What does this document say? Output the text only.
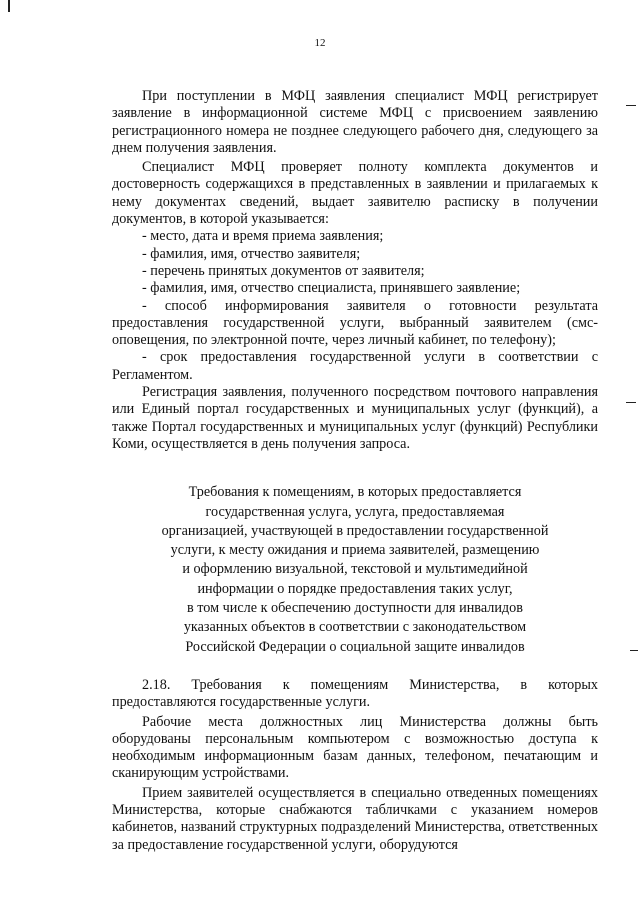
12

При поступлении в МФЦ заявления специалист МФЦ регистрирует заявление в информационной системе МФЦ с присвоением заявлению регистрационного номера не позднее следующего рабочего дня, следующего за днем получения заявления.

Специалист МФЦ проверяет полноту комплекта документов и достоверность содержащихся в представленных в заявлении и прилагаемых к нему документах сведений, выдает заявителю расписку в получении документов, в которой указывается:

- место, дата и время приема заявления;

- фамилия, имя, отчество заявителя;

- перечень принятых документов от заявителя;

- фамилия, имя, отчество специалиста, принявшего заявление;

- способ информирования заявителя о готовности результата предоставления государственной услуги, выбранный заявителем (смс-оповещения, по электронной почте, через личный кабинет, по телефону);

- срок предоставления государственной услуги в соответствии с Регламентом.

Регистрация заявления, полученного посредством почтового направления или Единый портал государственных и муниципальных услуг (функций), а также Портал государственных и муниципальных услуг (функций) Республики Коми, осуществляется в день получения запроса.

Требования к помещениям, в которых предоставляется
государственная услуга, услуга, предоставляемая
организацией, участвующей в предоставлении государственной
услуги, к месту ожидания и приема заявителей, размещению
и оформлению визуальной, текстовой и мультимедийной
информации о порядке предоставления таких услуг,
в том числе к обеспечению доступности для инвалидов
указанных объектов в соответствии с законодательством
Российской Федерации о социальной защите инвалидов

2.18. Требования к помещениям Министерства, в которых предоставляются государственные услуги.

Рабочие места должностных лиц Министерства должны быть оборудованы персональным компьютером с возможностью доступа к необходимым информационным базам данных, телефоном, печатающим и сканирующим устройствами.

Прием заявителей осуществляется в специально отведенных помещениях Министерства, которые снабжаются табличками с указанием номеров кабинетов, названий структурных подразделений Министерства, ответственных за предоставление государственной услуги, оборудуются
